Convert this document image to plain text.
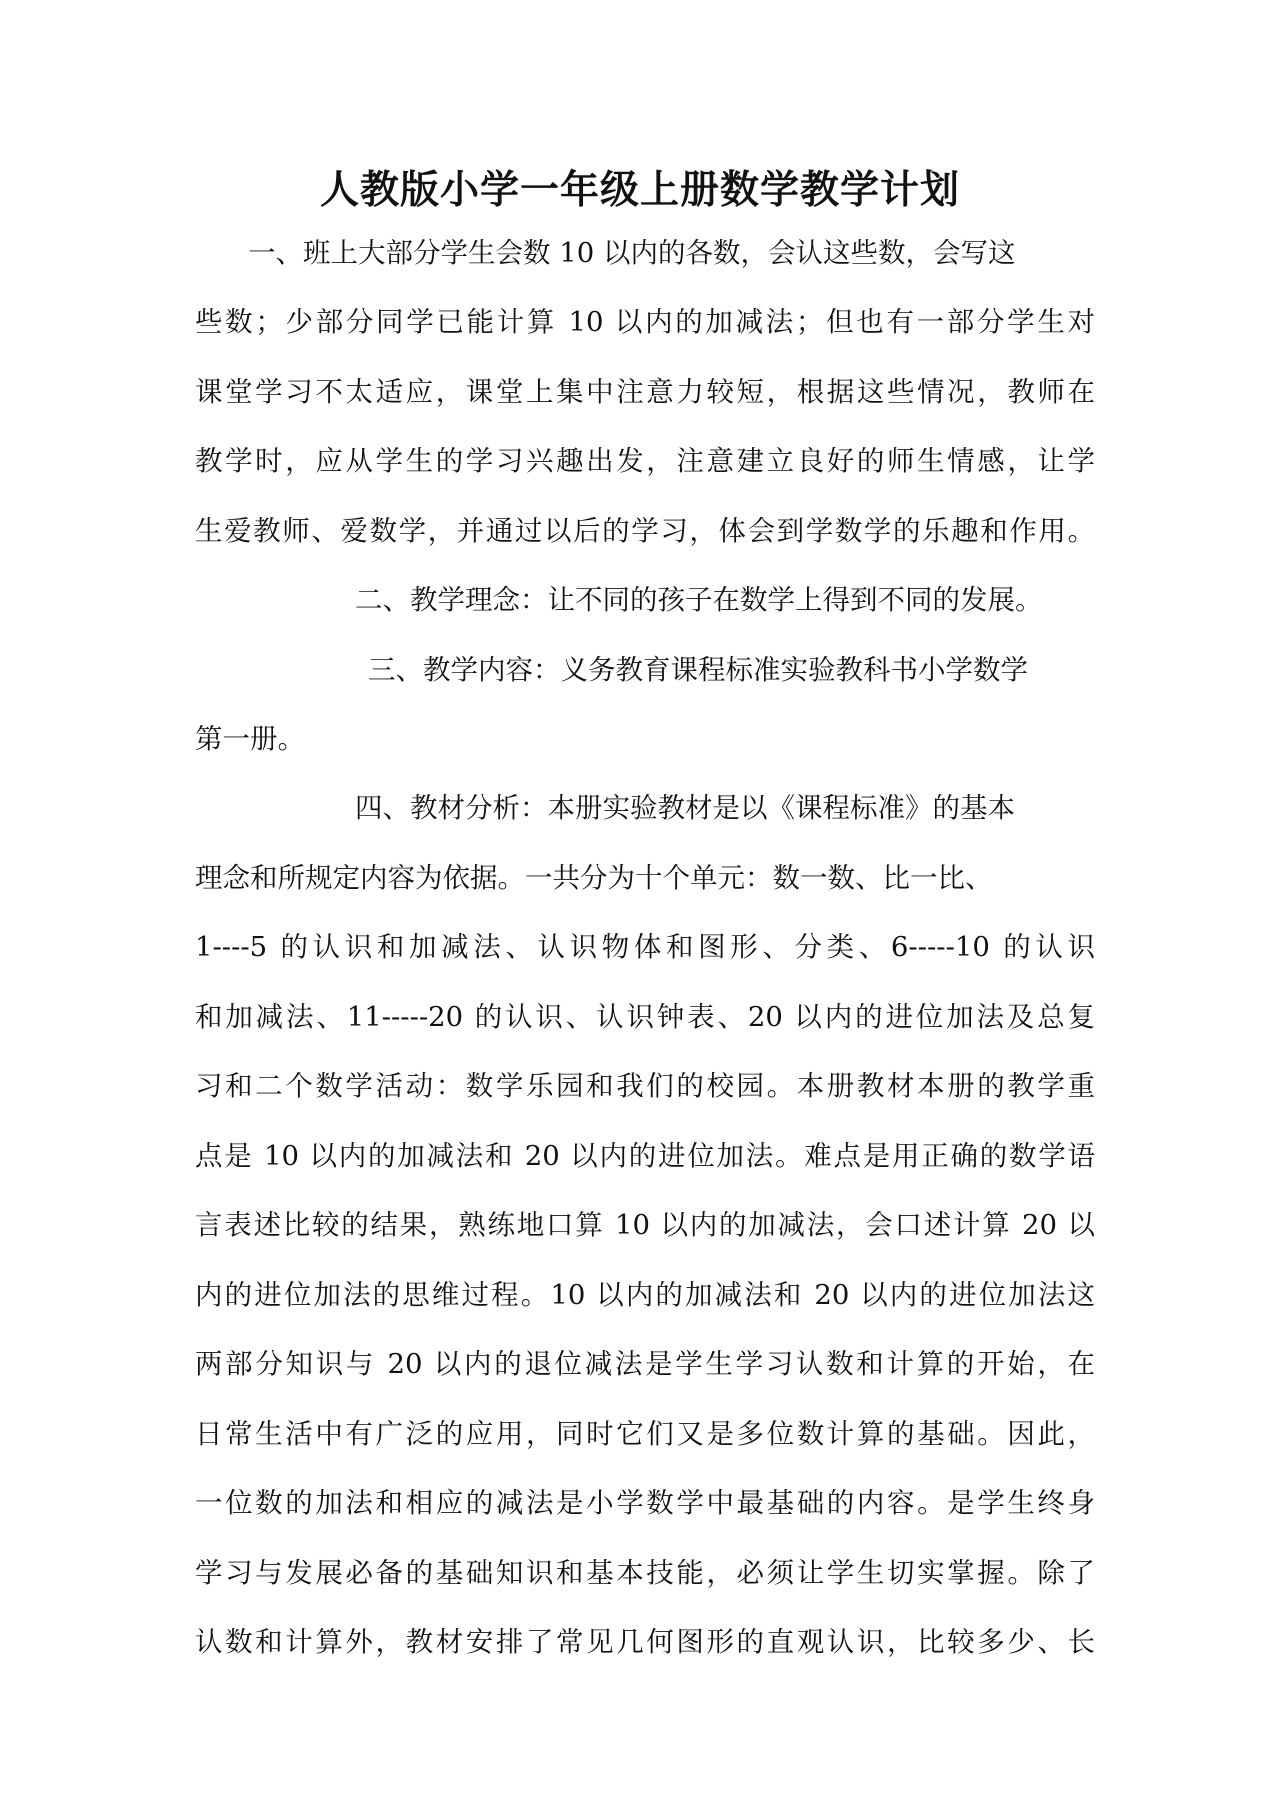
人教版小学一年级上册数学教学计划
一、班上大部分学生会数 10 以内的各数，会认这些数，会写这
些数；少部分同学已能计算 10 以内的加减法；但也有一部分学生对
课堂学习不太适应，课堂上集中注意力较短，根据这些情况，教师在
教学时，应从学生的学习兴趣出发，注意建立良好的师生情感，让学
生爱教师、爱数学，并通过以后的学习，体会到学数学的乐趣和作用。
二、教学理念：让不同的孩子在数学上得到不同的发展。
三、教学内容：义务教育课程标准实验教科书小学数学
第一册。
四、教材分析：本册实验教材是以《课程标准》的基本
理念和所规定内容为依据。一共分为十个单元：数一数、比一比、
1----5 的认识和加减法、认识物体和图形、分类、6-----10 的认识
和加减法、11-----20 的认识、认识钟表、20 以内的进位加法及总复
习和二个数学活动：数学乐园和我们的校园。本册教材本册的教学重
点是 10 以内的加减法和 20 以内的进位加法。难点是用正确的数学语
言表述比较的结果，熟练地口算 10 以内的加减法，会口述计算 20 以
内的进位加法的思维过程。10 以内的加减法和 20 以内的进位加法这
两部分知识与 20 以内的退位减法是学生学习认数和计算的开始，在
日常生活中有广泛的应用，同时它们又是多位数计算的基础。因此，
一位数的加法和相应的减法是小学数学中最基础的内容。是学生终身
学习与发展必备的基础知识和基本技能，必须让学生切实掌握。除了
认数和计算外，教材安排了常见几何图形的直观认识，比较多少、长
